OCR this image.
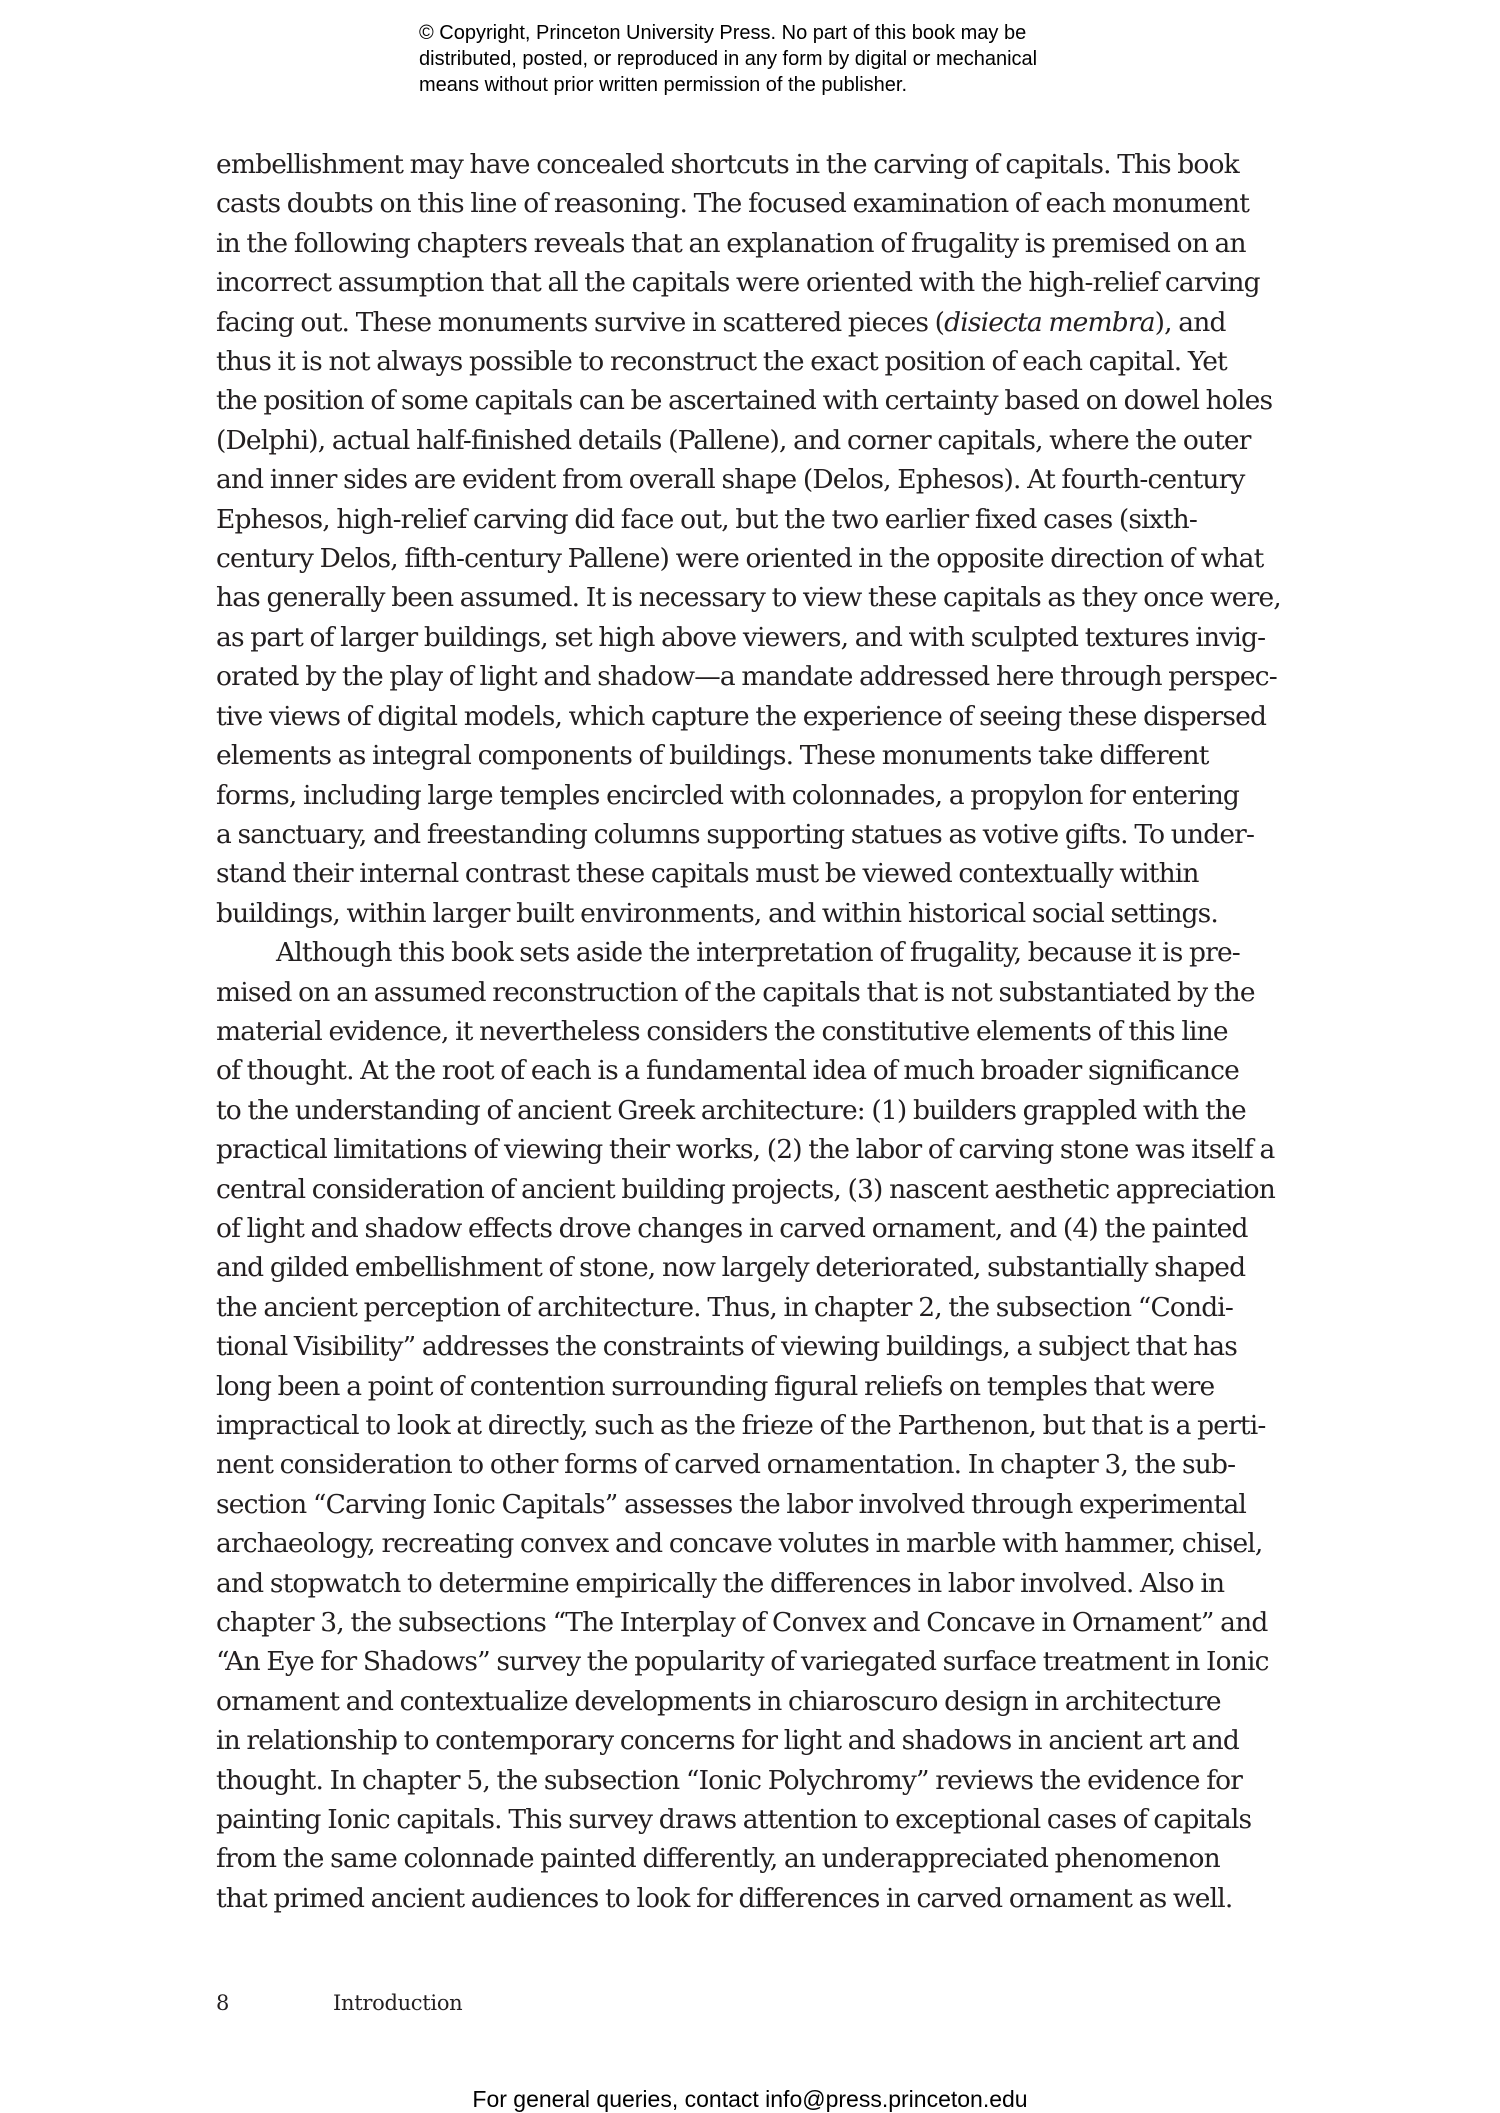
© Copyright, Princeton University Press. No part of this book may be
distributed, posted, or reproduced in any form by digital or mechanical
means without prior written permission of the publisher.
embellishment may have concealed shortcuts in the carving of capitals. This book
casts doubts on this line of reasoning. The focused examination of each monument
in the following chapters reveals that an explanation of frugality is premised on an
incorrect assumption that all the capitals were oriented with the high-relief carving
facing out. These monuments survive in scattered pieces (disiecta membra), and
thus it is not always possible to reconstruct the exact position of each capital. Yet
the position of some capitals can be ascertained with certainty based on dowel holes
(Delphi), actual half-finished details (Pallene), and corner capitals, where the outer
and inner sides are evident from overall shape (Delos, Ephesos). At fourth-century
Ephesos, high-relief carving did face out, but the two earlier fixed cases (sixth-
century Delos, fifth-century Pallene) were oriented in the opposite direction of what
has generally been assumed. It is necessary to view these capitals as they once were,
as part of larger buildings, set high above viewers, and with sculpted textures invig-
orated by the play of light and shadow—a mandate addressed here through perspec-
tive views of digital models, which capture the experience of seeing these dispersed
elements as integral components of buildings. These monuments take different
forms, including large temples encircled with colonnades, a propylon for entering
a sanctuary, and freestanding columns supporting statues as votive gifts. To under-
stand their internal contrast these capitals must be viewed contextually within
buildings, within larger built environments, and within historical social settings.
Although this book sets aside the interpretation of frugality, because it is pre-
mised on an assumed reconstruction of the capitals that is not substantiated by the
material evidence, it nevertheless considers the constitutive elements of this line
of thought. At the root of each is a fundamental idea of much broader significance
to the understanding of ancient Greek architecture: (1) builders grappled with the
practical limitations of viewing their works, (2) the labor of carving stone was itself a
central consideration of ancient building projects, (3) nascent aesthetic appreciation
of light and shadow effects drove changes in carved ornament, and (4) the painted
and gilded embellishment of stone, now largely deteriorated, substantially shaped
the ancient perception of architecture. Thus, in chapter 2, the subsection “Condi-
tional Visibility” addresses the constraints of viewing buildings, a subject that has
long been a point of contention surrounding figural reliefs on temples that were
impractical to look at directly, such as the frieze of the Parthenon, but that is a perti-
nent consideration to other forms of carved ornamentation. In chapter 3, the sub-
section “Carving Ionic Capitals” assesses the labor involved through experimental
archaeology, recreating convex and concave volutes in marble with hammer, chisel,
and stopwatch to determine empirically the differences in labor involved. Also in
chapter 3, the subsections “The Interplay of Convex and Concave in Ornament” and
“An Eye for Shadows” survey the popularity of variegated surface treatment in Ionic
ornament and contextualize developments in chiaroscuro design in architecture
in relationship to contemporary concerns for light and shadows in ancient art and
thought. In chapter 5, the subsection “Ionic Polychromy” reviews the evidence for
painting Ionic capitals. This survey draws attention to exceptional cases of capitals
from the same colonnade painted differently, an underappreciated phenomenon
that primed ancient audiences to look for differences in carved ornament as well.
8	Introduction
For general queries, contact info@press.princeton.edu
